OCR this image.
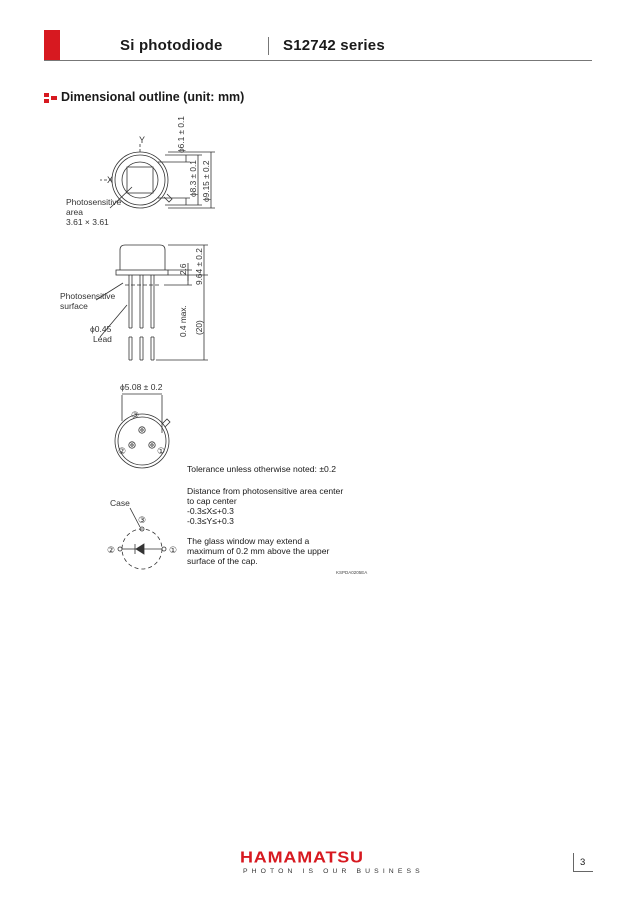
Si photodiode	S12742 series
Dimensional outline (unit: mm)
Y
X
ϕ6.1 ± 0.1
ϕ8.3 ± 0.1 ϕ9.15 ± 0.2
Photosensitive
area
3.61 × 3.61
2.6 9.64 ± 0.2
0.4 max. (20)
Photosensitive
surface
ϕ0.45
Lead
ϕ5.08 ± 0.2
③
②	①
Case
③
②	①
Tolerance unless otherwise noted: ±0.2
Distance from photosensitive area center
to cap center
-0.3≤X≤+0.3
-0.3≤Y≤+0.3
The glass window may extend a
maximum of 0.2 mm above the upper
surface of the cap.
KSPDA0205EA
HAMAMATSU
PHOTON IS OUR BUSINESS
3
